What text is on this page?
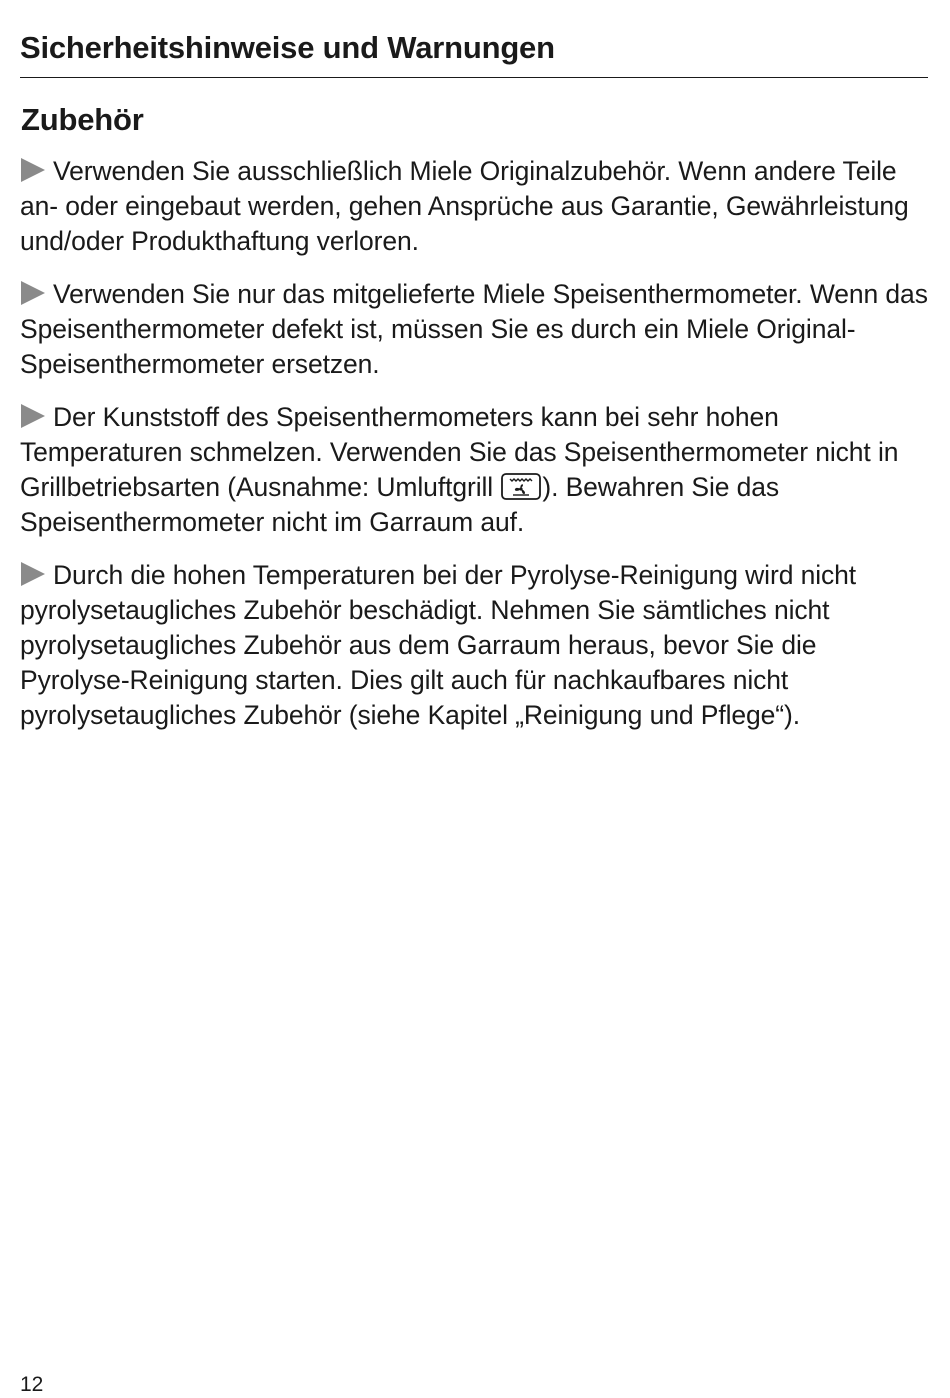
Sicherheitshinweise und Warnungen
Zubehör

Verwenden Sie ausschließlich Miele Originalzubehör. Wenn andere Teile an- oder eingebaut werden, gehen Ansprüche aus Garantie, Gewährleistung und/oder Produkthaftung verloren.

Verwenden Sie nur das mitgelieferte Miele Speisenthermometer. Wenn das Speisenthermometer defekt ist, müssen Sie es durch ein Miele Original-Speisenthermometer ersetzen.

Der Kunststoff des Speisenthermometers kann bei sehr hohen Temperaturen schmelzen. Verwenden Sie das Speisenthermometer nicht in Grillbetriebsarten (Ausnahme: Umluftgrill
). Bewahren Sie das Speisenthermometer nicht im Garraum auf.

Durch die hohen Temperaturen bei der Pyrolyse-Reinigung wird nicht pyrolysetaugliches Zubehör beschädigt. Nehmen Sie sämtliches nicht pyrolysetaugliches Zubehör aus dem Garraum heraus, bevor Sie die Pyrolyse-Reinigung starten. Dies gilt auch für nachkaufbares nicht pyrolysetaugliches Zubehör (siehe Kapitel „Reinigung und Pflege“).

12
